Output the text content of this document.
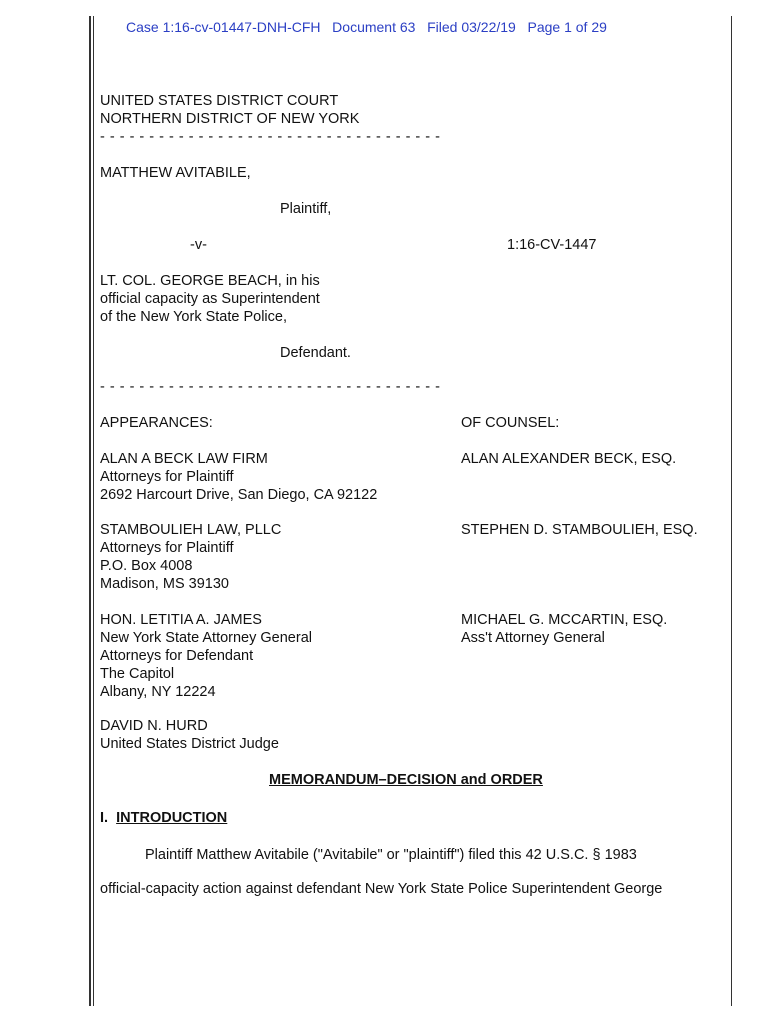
Case 1:16-cv-01447-DNH-CFH   Document 63   Filed 03/22/19   Page 1 of 29
UNITED STATES DISTRICT COURT
NORTHERN DISTRICT OF NEW YORK
- - - - - - - - - - - - - - - - - - - - - - - - - - - - - - - - - - -
MATTHEW AVITABILE,
Plaintiff,
-v-	1:16-CV-1447
LT. COL. GEORGE BEACH, in his
official capacity as Superintendent
of the New York State Police,
Defendant.
- - - - - - - - - - - - - - - - - - - - - - - - - - - - - - - - - - -
APPEARANCES:	OF COUNSEL:
ALAN A BECK LAW FIRM
Attorneys for Plaintiff
2692 Harcourt Drive, San Diego, CA 92122
ALAN ALEXANDER BECK, ESQ.
STAMBOULIEH LAW, PLLC
Attorneys for Plaintiff
P.O. Box 4008
Madison, MS 39130
STEPHEN D. STAMBOULIEH, ESQ.
HON. LETITIA A. JAMES
New York State Attorney General
Attorneys for Defendant
The Capitol
Albany, NY 12224
MICHAEL G. MCCARTIN, ESQ.
Ass't Attorney General
DAVID N. HURD
United States District Judge
MEMORANDUM–DECISION and ORDER
I. INTRODUCTION
Plaintiff Matthew Avitabile ("Avitabile" or "plaintiff") filed this 42 U.S.C. § 1983
official-capacity action against defendant New York State Police Superintendent George
